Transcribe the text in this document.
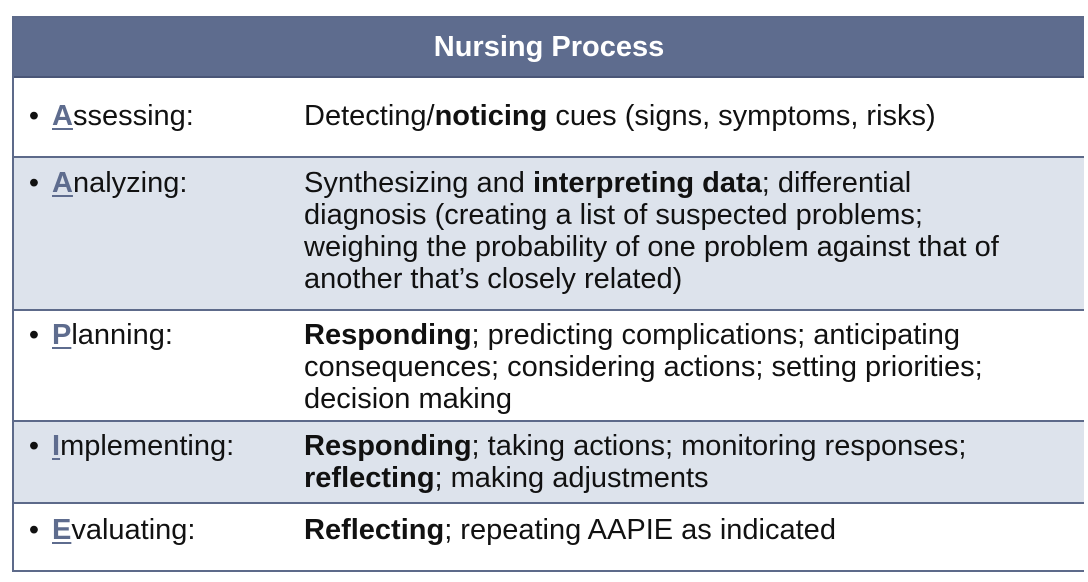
Nursing Process
• Assessing:	Detecting/noticing cues (signs, symptoms, risks)
• Analyzing:	Synthesizing and interpreting data; differential diagnosis (creating a list of suspected problems; weighing the probability of one problem against that of another that’s closely related)
• Planning:	Responding; predicting complications; anticipating consequences; considering actions; setting priorities; decision making
• Implementing: Responding; taking actions; monitoring responses; reflecting; making adjustments
• Evaluating:	Reflecting; repeating AAPIE as indicated
